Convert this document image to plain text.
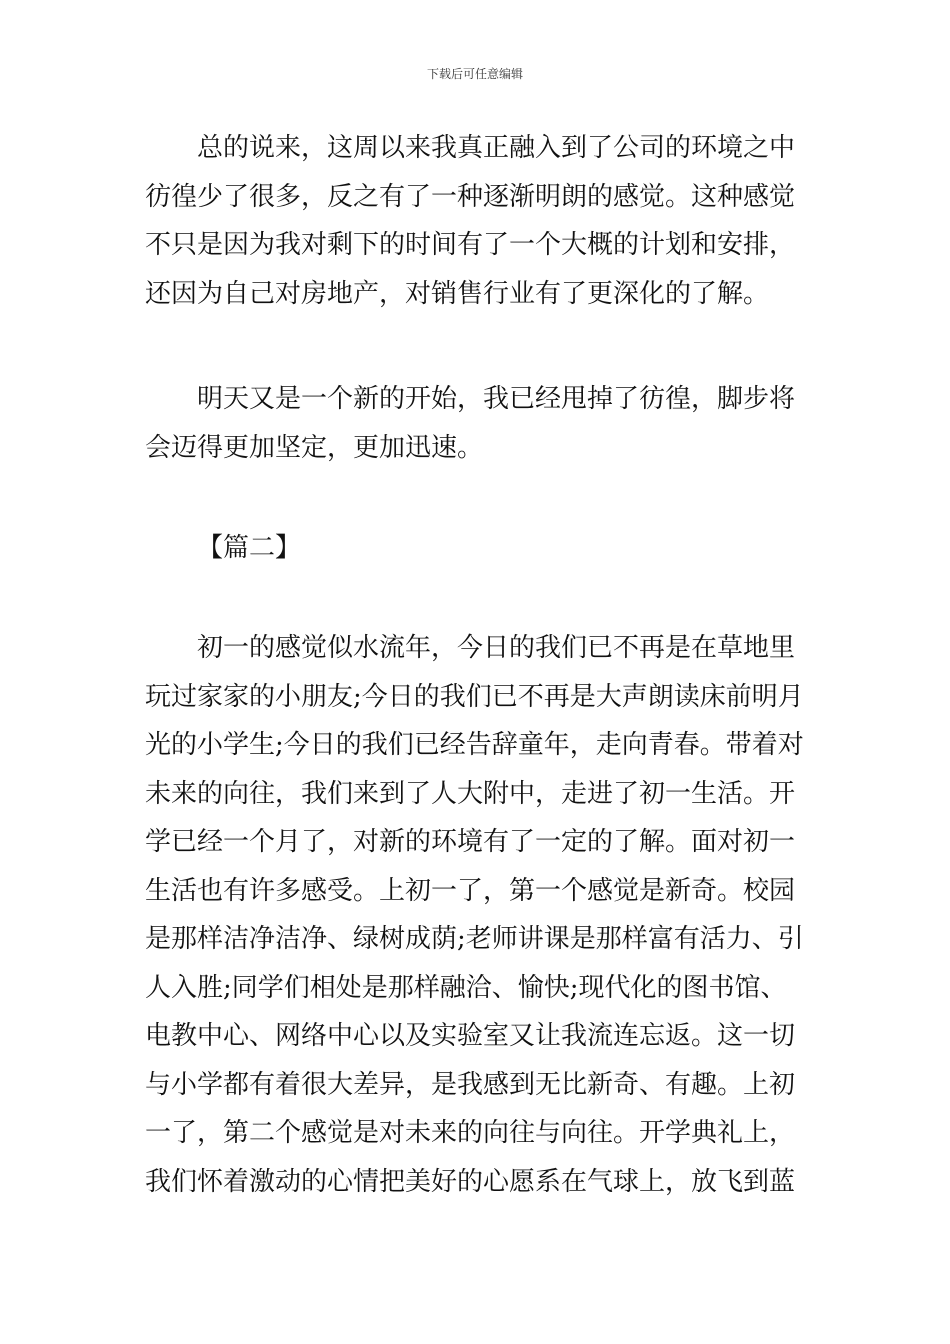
下载后可任意编辑
总的说来，这周以来我真正融入到了公司的环境之中
彷徨少了很多，反之有了一种逐渐明朗的感觉。这种感觉
不只是因为我对剩下的时间有了一个大概的计划和安排，
还因为自己对房地产，对销售行业有了更深化的了解。
明天又是一个新的开始，我已经甩掉了彷徨，脚步将
会迈得更加坚定，更加迅速。
【篇二】
初一的感觉似水流年，今日的我们已不再是在草地里
玩过家家的小朋友;今日的我们已不再是大声朗读床前明月
光的小学生;今日的我们已经告辞童年，走向青春。带着对
未来的向往，我们来到了人大附中，走进了初一生活。开
学已经一个月了，对新的环境有了一定的了解。面对初一
生活也有许多感受。上初一了，第一个感觉是新奇。校园
是那样洁净洁净、绿树成荫;老师讲课是那样富有活力、引
人入胜;同学们相处是那样融洽、愉快;现代化的图书馆、
电教中心、网络中心以及实验室又让我流连忘返。这一切
与小学都有着很大差异，是我感到无比新奇、有趣。上初
一了，第二个感觉是对未来的向往与向往。开学典礼上，
我们怀着激动的心情把美好的心愿系在气球上，放飞到蓝
